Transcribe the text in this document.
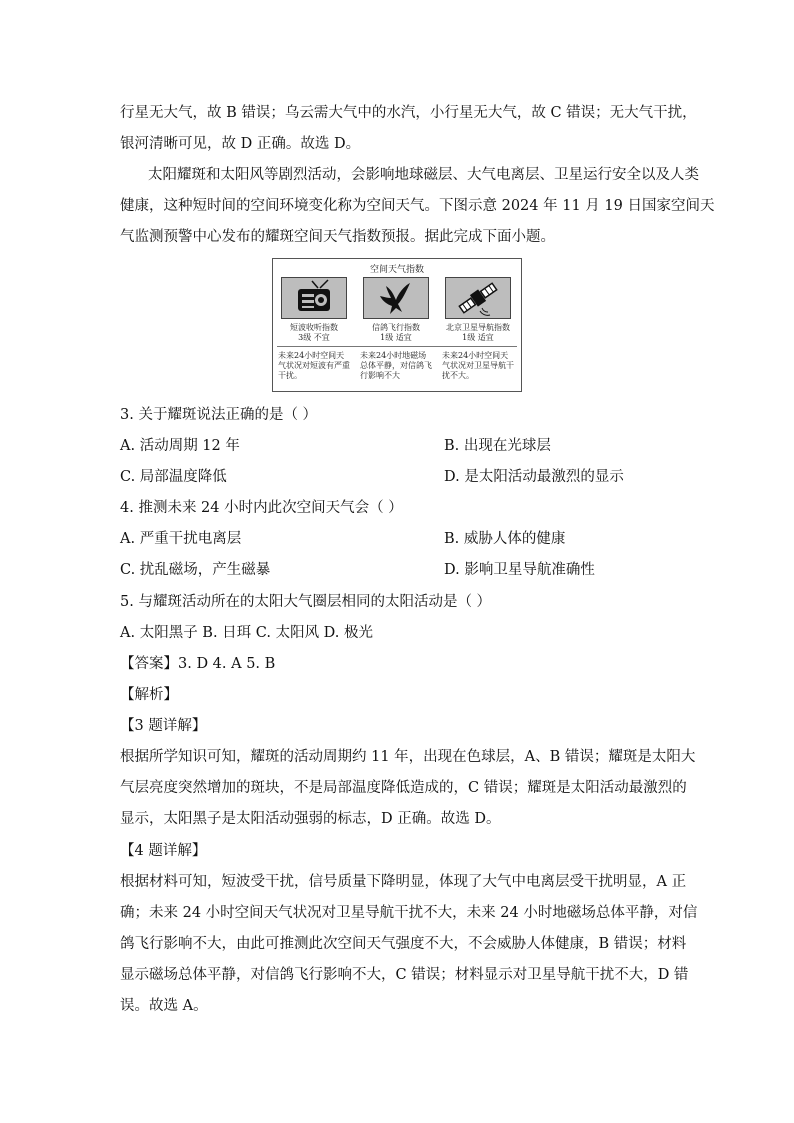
行星无大气，故 B 错误；乌云需大气中的水汽，小行星无大气，故 C 错误；无大气干扰，
银河清晰可见，故 D 正确。故选 D。
太阳耀斑和太阳风等剧烈活动，会影响地球磁层、大气电离层、卫星运行安全以及人类
健康，这种短时间的空间环境变化称为空间天气。下图示意 2024 年 11 月 19 日国家空间天
气监测预警中心发布的耀斑空间天气指数预报。据此完成下面小题。
空间天气指数
短波收听指数
3级 不宜
信鸽飞行指数
1级 适宜
北京卫星导航指数
1级 适宜
未来24小时空间天气状况对短波有严重干扰。
未来24小时地磁场总体平静，对信鸽飞行影响不大
未来24小时空间天气状况对卫星导航干扰不大。
3. 关于耀斑说法正确的是（ ）
A. 活动周期 12 年	B. 出现在光球层
C. 局部温度降低	D. 是太阳活动最激烈的显示
4. 推测未来 24 小时内此次空间天气会（ ）
A. 严重干扰电离层	B. 威胁人体的健康
C. 扰乱磁场，产生磁暴	D. 影响卫星导航准确性
5. 与耀斑活动所在的太阳大气圈层相同的太阳活动是（ ）
A. 太阳黑子 B. 日珥 C. 太阳风 D. 极光
【答案】3. D 4. A 5. B
【解析】
【3 题详解】
根据所学知识可知，耀斑的活动周期约 11 年，出现在色球层，A、B 错误；耀斑是太阳大
气层亮度突然增加的斑块，不是局部温度降低造成的，C 错误；耀斑是太阳活动最激烈的
显示，太阳黑子是太阳活动强弱的标志，D 正确。故选 D。
【4 题详解】
根据材料可知，短波受干扰，信号质量下降明显，体现了大气中电离层受干扰明显，A 正
确；未来 24 小时空间天气状况对卫星导航干扰不大，未来 24 小时地磁场总体平静，对信
鸽飞行影响不大，由此可推测此次空间天气强度不大，不会威胁人体健康，B 错误；材料
显示磁场总体平静，对信鸽飞行影响不大，C 错误；材料显示对卫星导航干扰不大，D 错
误。故选 A。
